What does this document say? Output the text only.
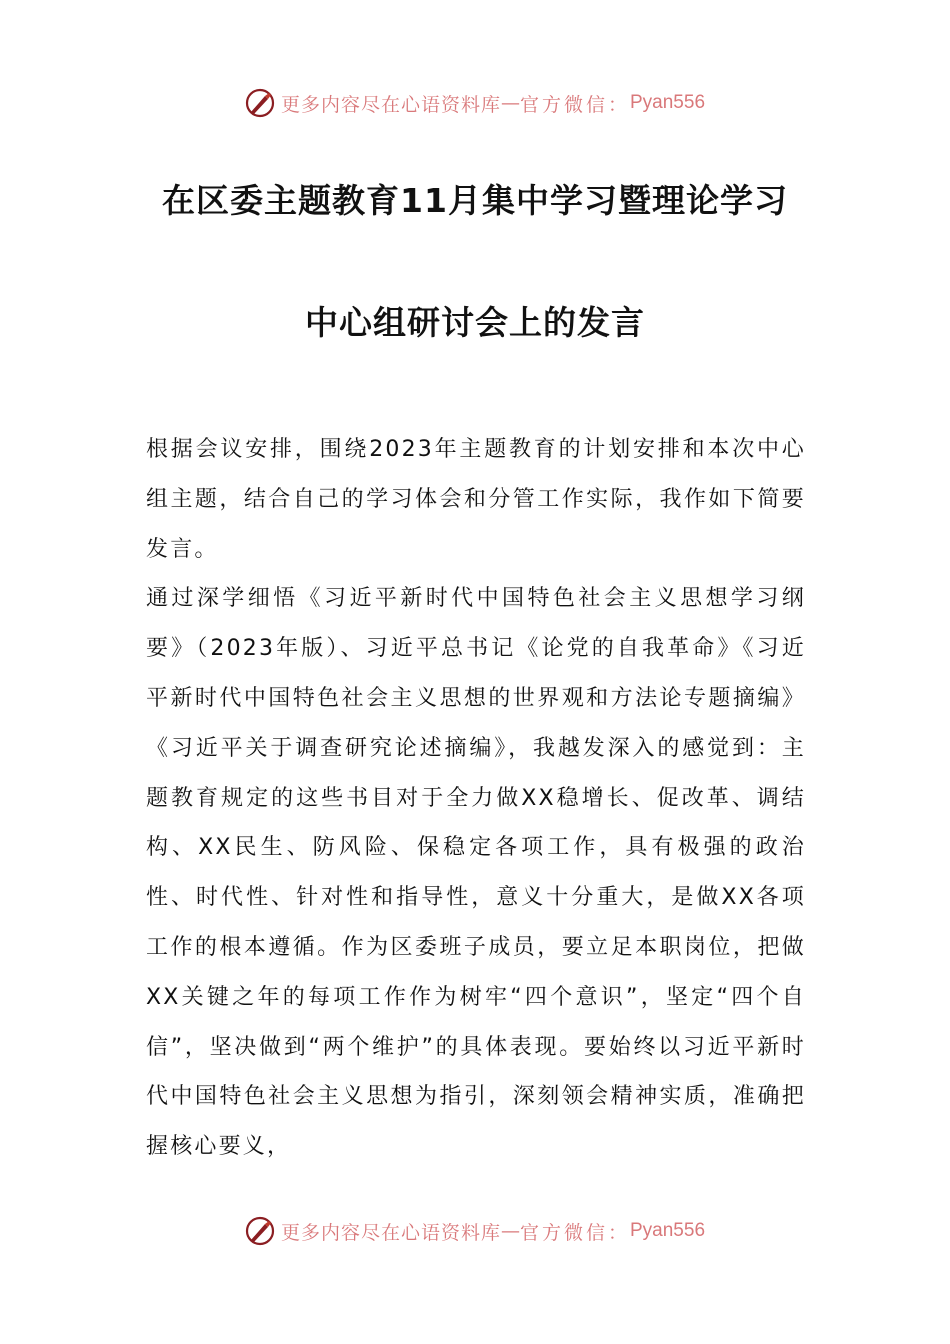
更多内容尽在心语资料库 — 官方微信： Pyan556
在区委主题教育11月集中学习暨理论学习
中心组研讨会上的发言

根据会议安排，围绕2023年主题教育的计划安排和本次中心组主题，结合自己的学习体会和分管工作实际，我作如下简要发言。

通过深学细悟《习近平新时代中国特色社会主义思想学习纲要》（2023年版）、习近平总书记《论党的自我革命》《习近平新时代中国特色社会主义思想的世界观和方法论专题摘编》《习近平关于调查研究论述摘编》，我越发深入的感觉到：主题教育规定的这些书目对于全力做XX稳增长、促改革、调结构、XX民生、防风险、保稳定各项工作，具有极强的政治性、时代性、针对性和指导性，意义十分重大，是做XX各项工作的根本遵循。作为区委班子成员，要立足本职岗位，把做XX关键之年的每项工作作为树牢“四个意识”，坚定“四个自信”，坚决做到“两个维护”的具体表现。要始终以习近平新时代中国特色社会主义思想为指引，深刻领会精神实质，准确把握核心要义，

更多内容尽在心语资料库 — 官方微信： Pyan556
